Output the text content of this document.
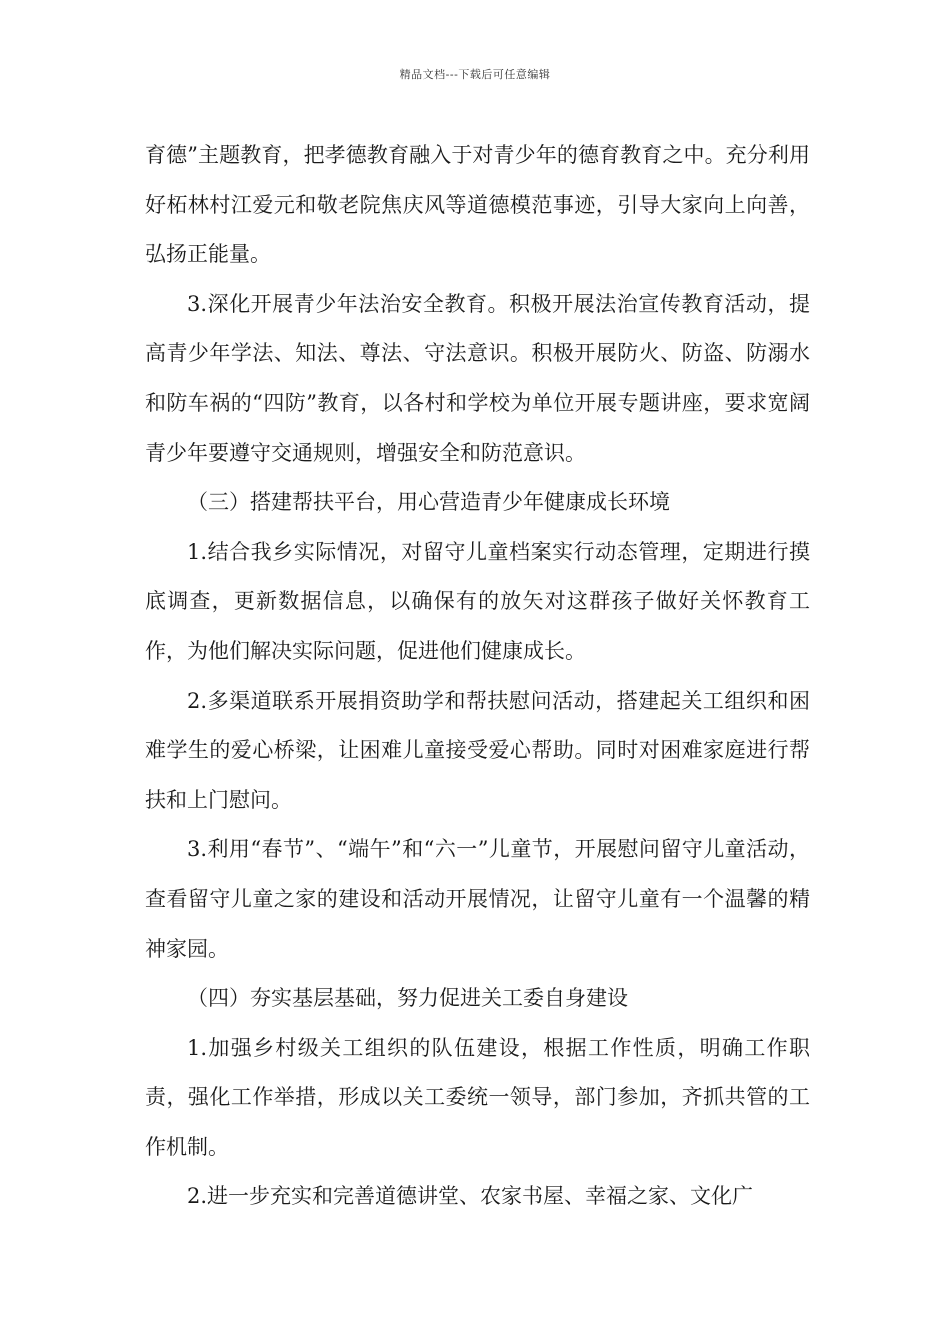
精品文档---下载后可任意编辑

育德”主题教育，把孝德教育融入于对青少年的德育教育之中。充分利用好柘林村江爱元和敬老院焦庆风等道德模范事迹，引导大家向上向善，弘扬正能量。

3.深化开展青少年法治安全教育。积极开展法治宣传教育活动，提高青少年学法、知法、尊法、守法意识。积极开展防火、防盗、防溺水和防车祸的“四防”教育，以各村和学校为单位开展专题讲座，要求宽阔青少年要遵守交通规则，增强安全和防范意识。

（三）搭建帮扶平台，用心营造青少年健康成长环境

1.结合我乡实际情况，对留守儿童档案实行动态管理，定期进行摸底调查，更新数据信息，以确保有的放矢对这群孩子做好关怀教育工作，为他们解决实际问题，促进他们健康成长。

2.多渠道联系开展捐资助学和帮扶慰问活动，搭建起关工组织和困难学生的爱心桥梁，让困难儿童接受爱心帮助。同时对困难家庭进行帮扶和上门慰问。

3.利用“春节”、“端午”和“六一”儿童节，开展慰问留守儿童活动，查看留守儿童之家的建设和活动开展情况，让留守儿童有一个温馨的精神家园。

（四）夯实基层基础，努力促进关工委自身建设

1.加强乡村级关工组织的队伍建设，根据工作性质，明确工作职责，强化工作举措，形成以关工委统一领导，部门参加，齐抓共管的工作机制。

2.进一步充实和完善道德讲堂、农家书屋、幸福之家、文化广
